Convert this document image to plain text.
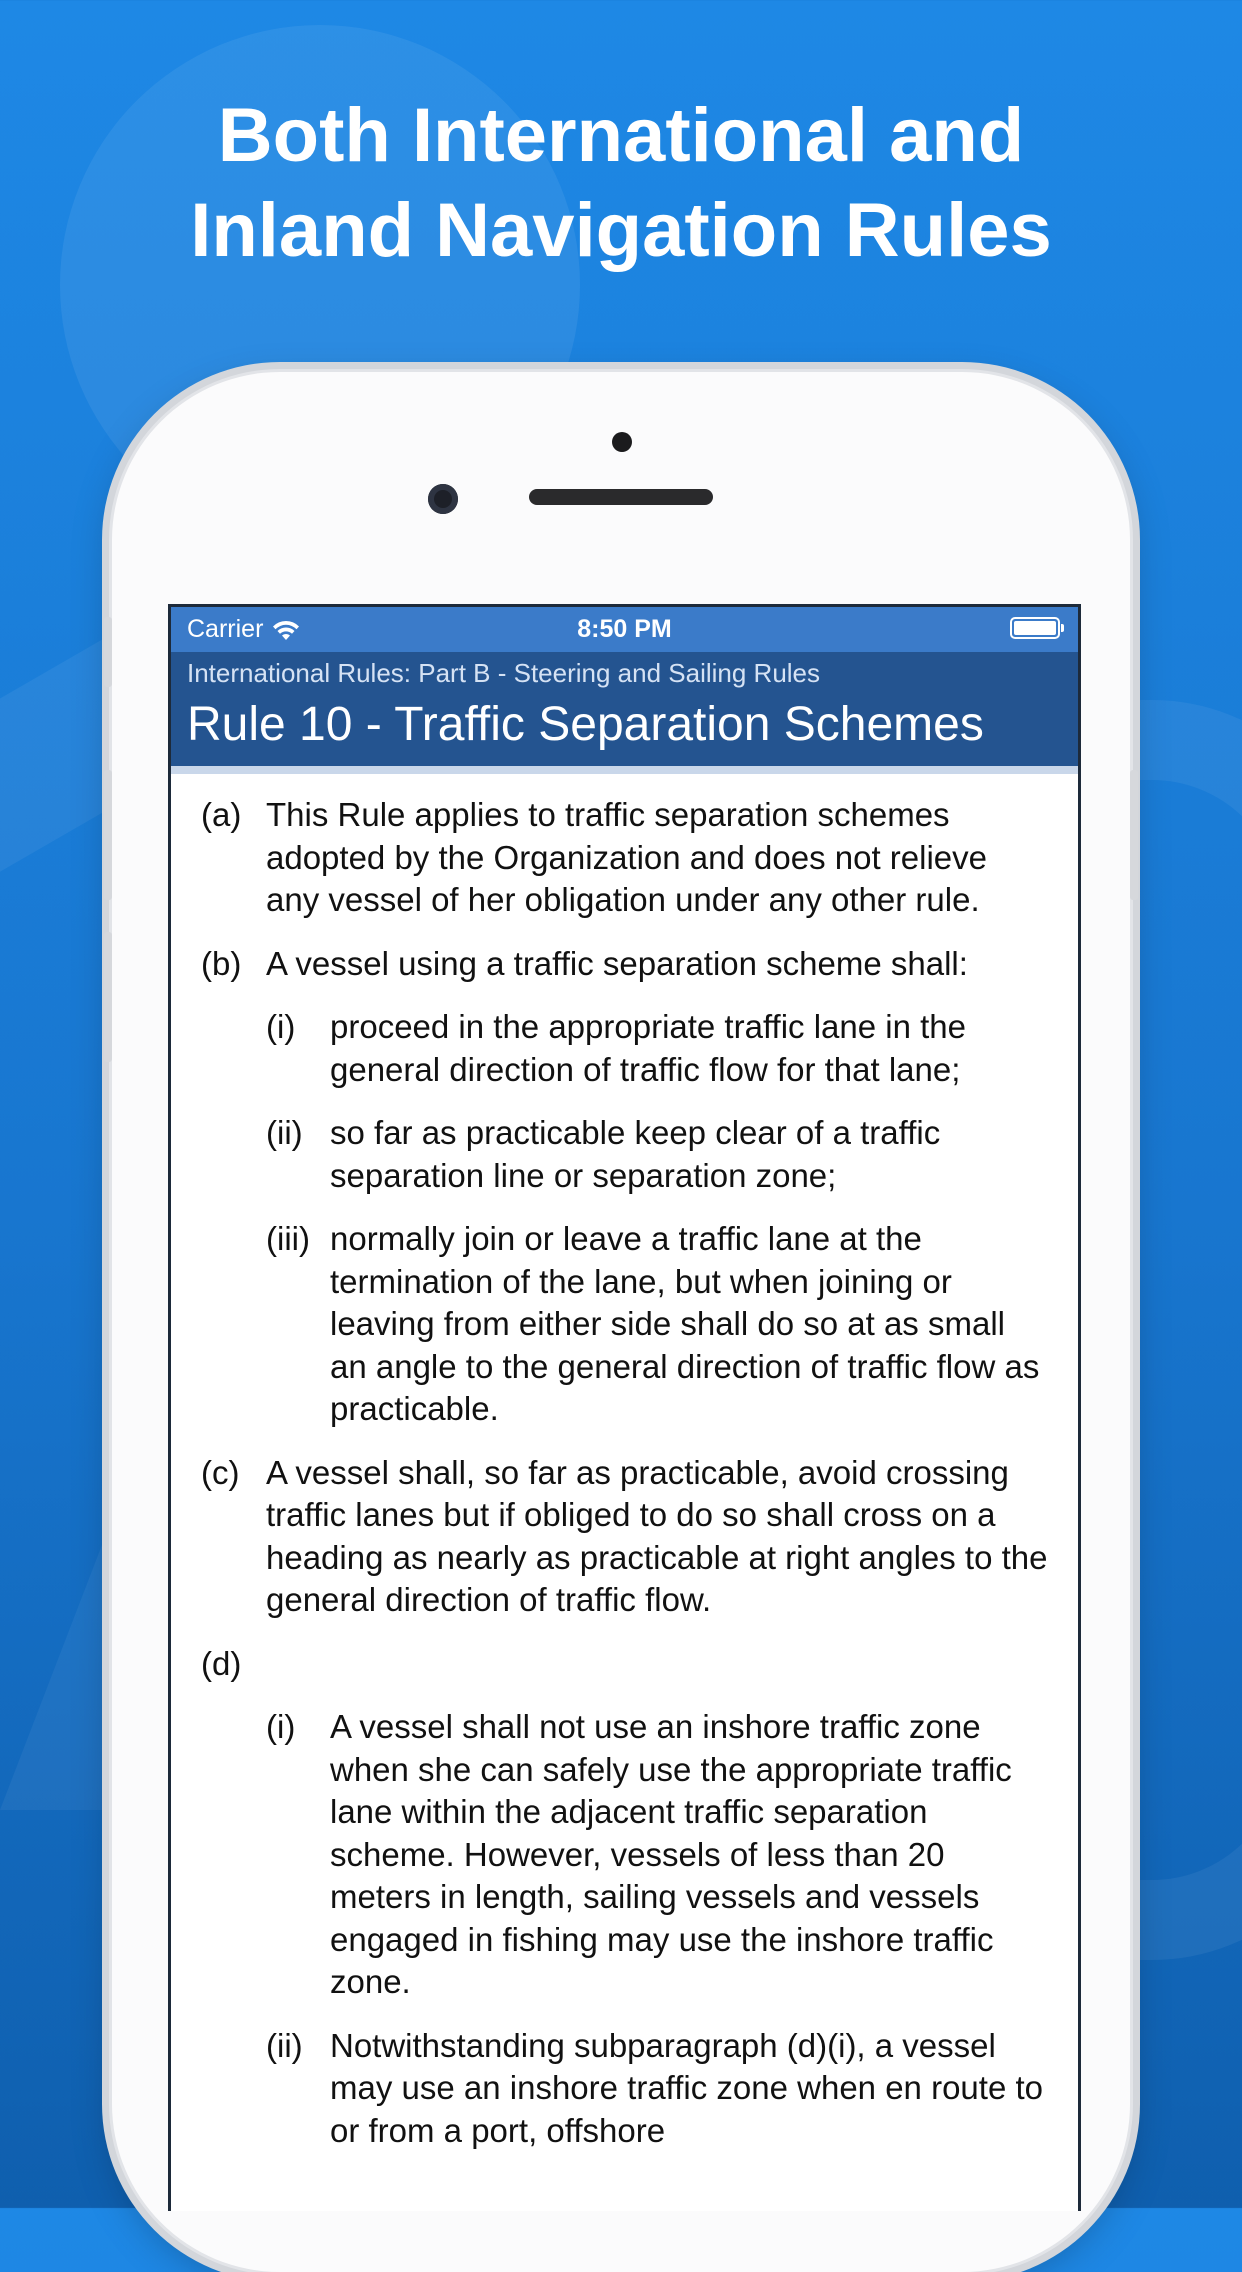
Both International and
Inland Navigation Rules
Carrier	8:50 PM
International Rules: Part B - Steering and Sailing Rules
Rule 10 - Traffic Separation Schemes
(a) This Rule applies to traffic separation schemes adopted by the Organization and does not relieve any vessel of her obligation under any other rule.
(b) A vessel using a traffic separation scheme shall:
(i)	proceed in the appropriate traffic lane in the general direction of traffic flow for that lane;
(ii) so far as practicable keep clear of a traffic separation line or separation zone;
(iii) normally join or leave a traffic lane at the termination of the lane, but when joining or leaving from either side shall do so at as small an angle to the general direction of traffic flow as practicable.
(c) A vessel shall, so far as practicable, avoid crossing traffic lanes but if obliged to do so shall cross on a heading as nearly as practicable at right angles to the general direction of traffic flow.
(d)
(i)	A vessel shall not use an inshore traffic zone when she can safely use the appropriate traffic lane within the adjacent traffic separation scheme. However, vessels of less than 20 meters in length, sailing vessels and vessels engaged in fishing may use the inshore traffic zone.
(ii) Notwithstanding subparagraph (d)(i), a vessel may use an inshore traffic zone when en route to or from a port, offshore
